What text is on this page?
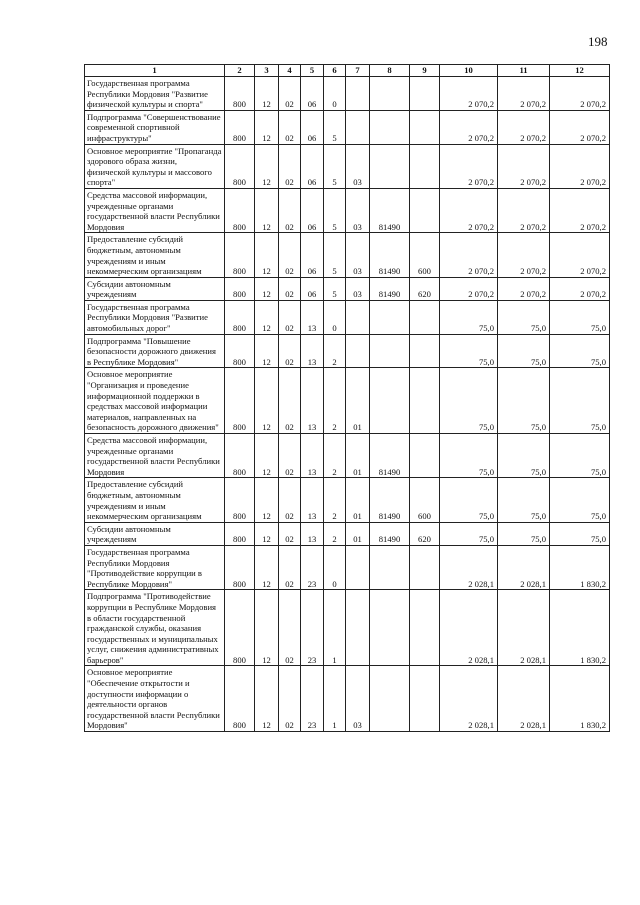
198
1	2	3	4	5	6	7	8	9	10	11	12
Государственная программа Республики Мордовия "Развитие физической культуры и спорта"	800	12	02	06	0				2 070,2	2 070,2	2 070,2
Подпрограмма "Совершенствование современной спортивной инфраструктуры"	800	12	02	06	5				2 070,2	2 070,2	2 070,2
Основное мероприятие "Пропаганда здорового образа жизни, физической культуры и массового спорта"	800	12	02	06	5	03			2 070,2	2 070,2	2 070,2
Средства массовой информации, учрежденные органами государственной власти Республики Мордовия	800	12	02	06	5	03	81490		2 070,2	2 070,2	2 070,2
Предоставление субсидий бюджетным, автономным учреждениям и иным некоммерческим организациям	800	12	02	06	5	03	81490	600	2 070,2	2 070,2	2 070,2
Субсидии автономным учреждениям	800	12	02	06	5	03	81490	620	2 070,2	2 070,2	2 070,2
Государственная программа Республики Мордовия "Развитие автомобильных дорог"	800	12	02	13	0				75,0	75,0	75,0
Подпрограмма "Повышение безопасности дорожного движения в Республике Мордовия"	800	12	02	13	2				75,0	75,0	75,0
Основное мероприятие "Организация и проведение информационной поддержки в средствах массовой информации материалов, направленных на безопасность дорожного движения"	800	12	02	13	2	01			75,0	75,0	75,0
Средства массовой информации, учрежденные органами государственной власти Республики Мордовия	800	12	02	13	2	01	81490		75,0	75,0	75,0
Предоставление субсидий бюджетным, автономным учреждениям и иным некоммерческим организациям	800	12	02	13	2	01	81490	600	75,0	75,0	75,0
Субсидии автономным учреждениям	800	12	02	13	2	01	81490	620	75,0	75,0	75,0
Государственная программа Республики Мордовия "Противодействие коррупции в Республике Мордовия"	800	12	02	23	0				2 028,1	2 028,1	1 830,2
Подпрограмма "Противодействие коррупции в Республике Мордовия в области государственной гражданской службы, оказания государственных и муниципальных услуг, снижения административных барьеров"	800	12	02	23	1				2 028,1	2 028,1	1 830,2
Основное мероприятие "Обеспечение открытости и доступности информации о деятельности органов государственной власти Республики Мордовия"	800	12	02	23	1	03			2 028,1	2 028,1	1 830,2
